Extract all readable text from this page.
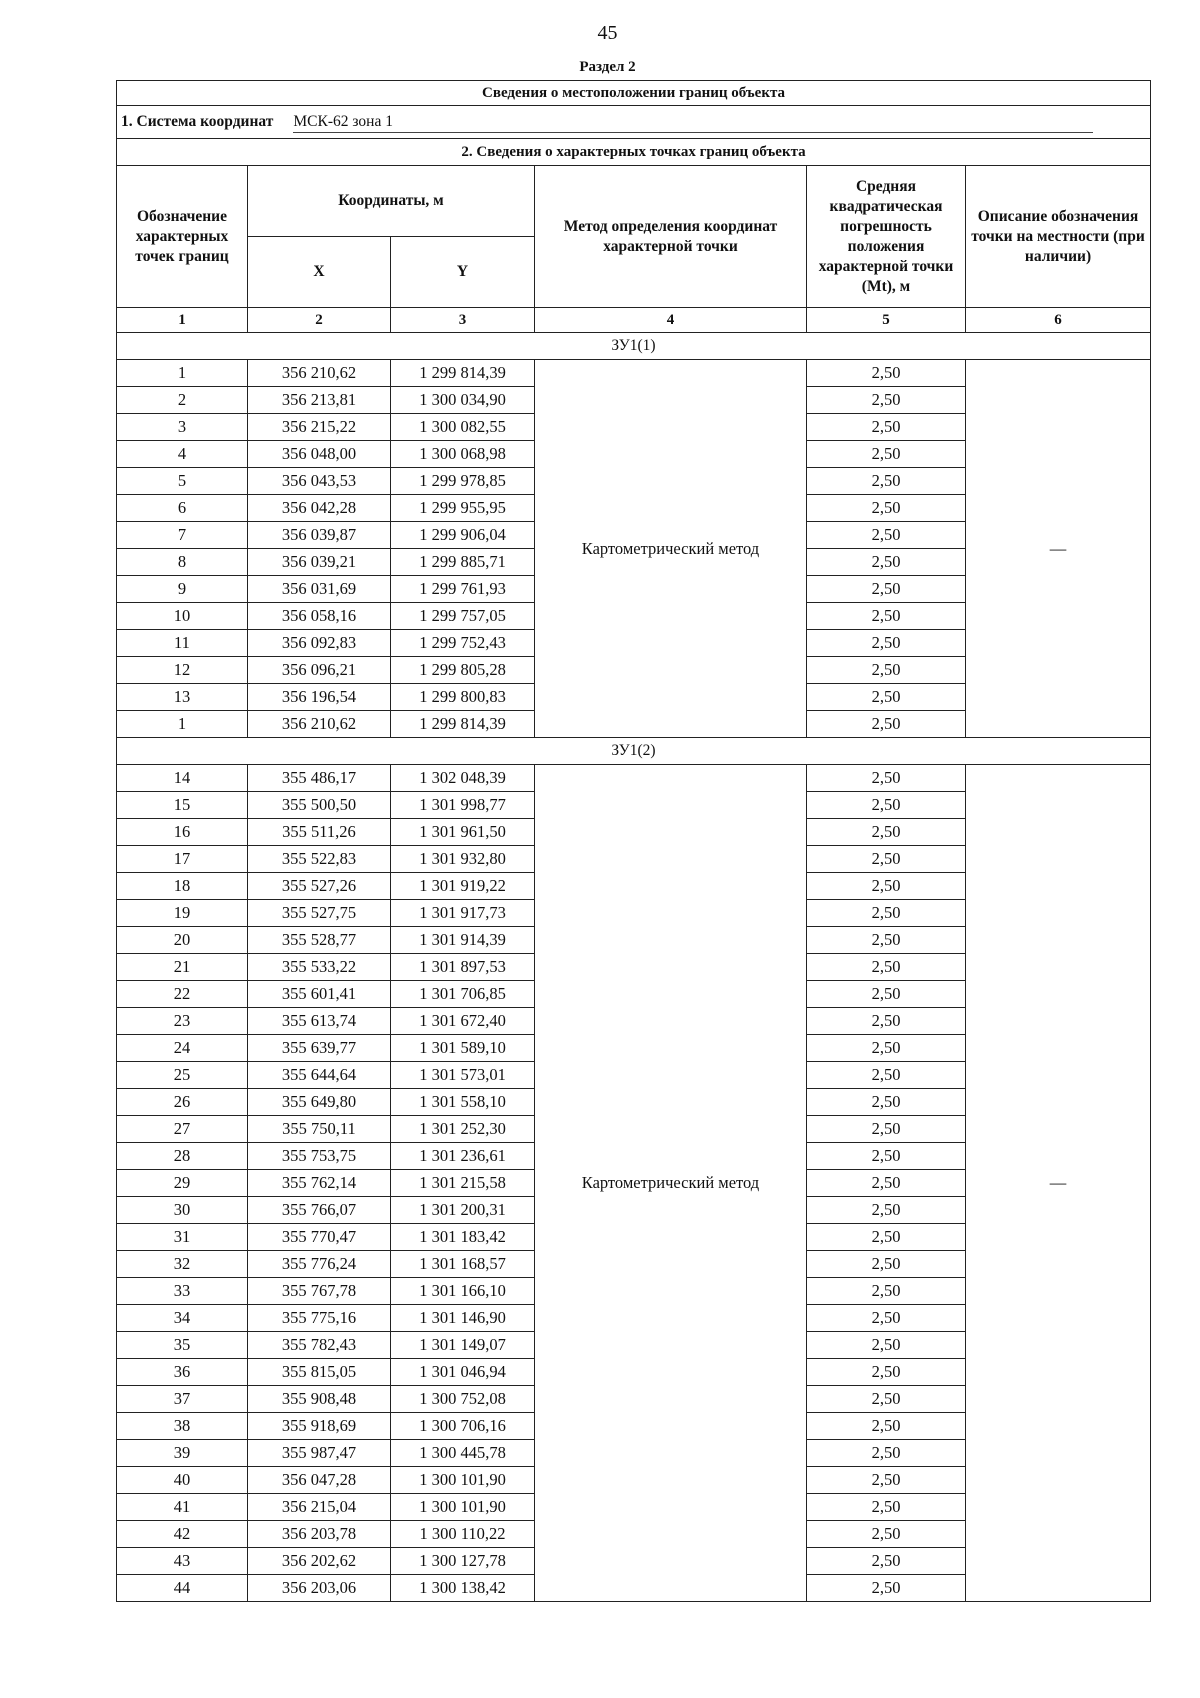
45
Раздел 2
Сведения о местоположении границ объекта					
1. Система координат МСК-62 зона 1					
2. Сведения о характерных точках границ объекта					
Обозначение характерных точек границ	Координаты, м		Метод определения координат характерной точки	Средняя квадратическая погрешность положения характерной точки (Mt), м	Описание обозначения точки на местности (при наличии)
	X	Y			
1	2	3	4	5	6
ЗУ1(1)					
1	356 210,62	1 299 814,39	Картометрический метод	2,50	—
2	356 213,81	1 300 034,90		2,50	
3	356 215,22	1 300 082,55		2,50	
4	356 048,00	1 300 068,98		2,50	
5	356 043,53	1 299 978,85		2,50	
6	356 042,28	1 299 955,95		2,50	
7	356 039,87	1 299 906,04		2,50	
8	356 039,21	1 299 885,71		2,50	
9	356 031,69	1 299 761,93		2,50	
10	356 058,16	1 299 757,05		2,50	
11	356 092,83	1 299 752,43		2,50	
12	356 096,21	1 299 805,28		2,50	
13	356 196,54	1 299 800,83		2,50	
1	356 210,62	1 299 814,39		2,50	
ЗУ1(2)					
14	355 486,17	1 302 048,39	Картометрический метод	2,50	—
15	355 500,50	1 301 998,77		2,50	
16	355 511,26	1 301 961,50		2,50	
17	355 522,83	1 301 932,80		2,50	
18	355 527,26	1 301 919,22		2,50	
19	355 527,75	1 301 917,73		2,50	
20	355 528,77	1 301 914,39		2,50	
21	355 533,22	1 301 897,53		2,50	
22	355 601,41	1 301 706,85		2,50	
23	355 613,74	1 301 672,40		2,50	
24	355 639,77	1 301 589,10		2,50	
25	355 644,64	1 301 573,01		2,50	
26	355 649,80	1 301 558,10		2,50	
27	355 750,11	1 301 252,30		2,50	
28	355 753,75	1 301 236,61		2,50	
29	355 762,14	1 301 215,58		2,50	
30	355 766,07	1 301 200,31		2,50	
31	355 770,47	1 301 183,42		2,50	
32	355 776,24	1 301 168,57		2,50	
33	355 767,78	1 301 166,10		2,50	
34	355 775,16	1 301 146,90		2,50	
35	355 782,43	1 301 149,07		2,50	
36	355 815,05	1 301 046,94		2,50	
37	355 908,48	1 300 752,08		2,50	
38	355 918,69	1 300 706,16		2,50	
39	355 987,47	1 300 445,78		2,50	
40	356 047,28	1 300 101,90		2,50	
41	356 215,04	1 300 101,90		2,50	
42	356 203,78	1 300 110,22		2,50	
43	356 202,62	1 300 127,78		2,50	
44	356 203,06	1 300 138,42		2,50	
